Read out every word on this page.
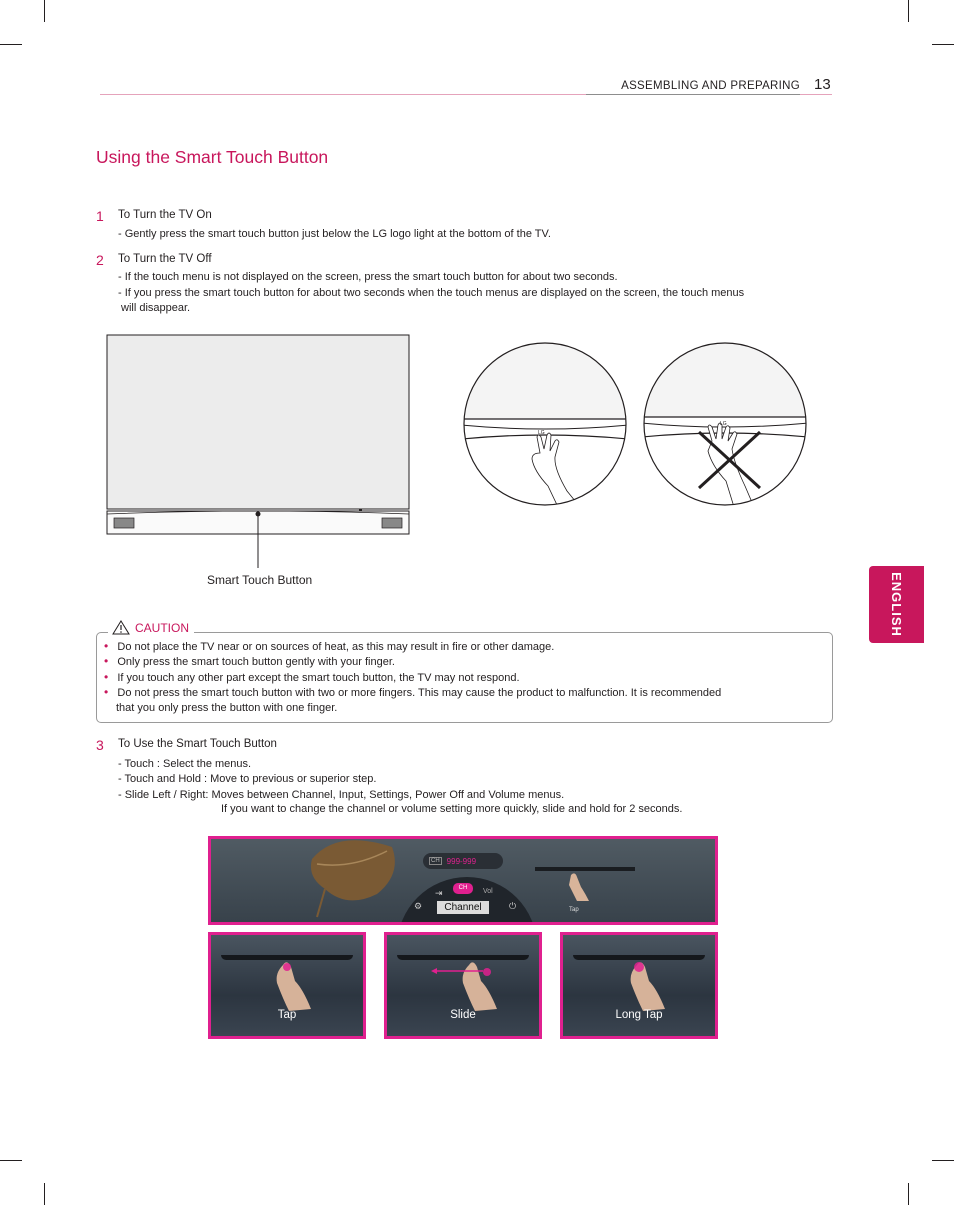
ASSEMBLING AND PREPARING 13
Using the Smart Touch Button
1 To Turn the TV On
- Gently press the smart touch button just below the LG logo light at the bottom of the TV.
2 To Turn the TV Off
- If the touch menu is not displayed on the screen, press the smart touch button for about two seconds.
- If you press the smart touch button for about two seconds when the touch menus are displayed on the screen, the touch menus
will disappear.
Smart Touch Button
LG
LG
ENGLISH
CAUTION
• Do not place the TV near or on sources of heat, as this may result in fire or other damage.
• Only press the smart touch button gently with your finger.
• If you touch any other part except the smart touch button, the TV may not respond.
• Do not press the smart touch button with two or more fingers. This may cause the product to malfunction. It is recommended
that you only press the button with one finger.
3 To Use the Smart Touch Button
- Touch : Select the menus.
- Touch and Hold : Move to previous or superior step.
- Slide Left / Right: Moves between Channel, Input, Settings, Power Off and Volume menus.
If you want to change the channel or volume setting more quickly, slide and hold for 2 seconds.
CH 999-999
⇥	CH	Vol
⚙	Channel	⏻	Tap
Tap	Slide	Long Tap
